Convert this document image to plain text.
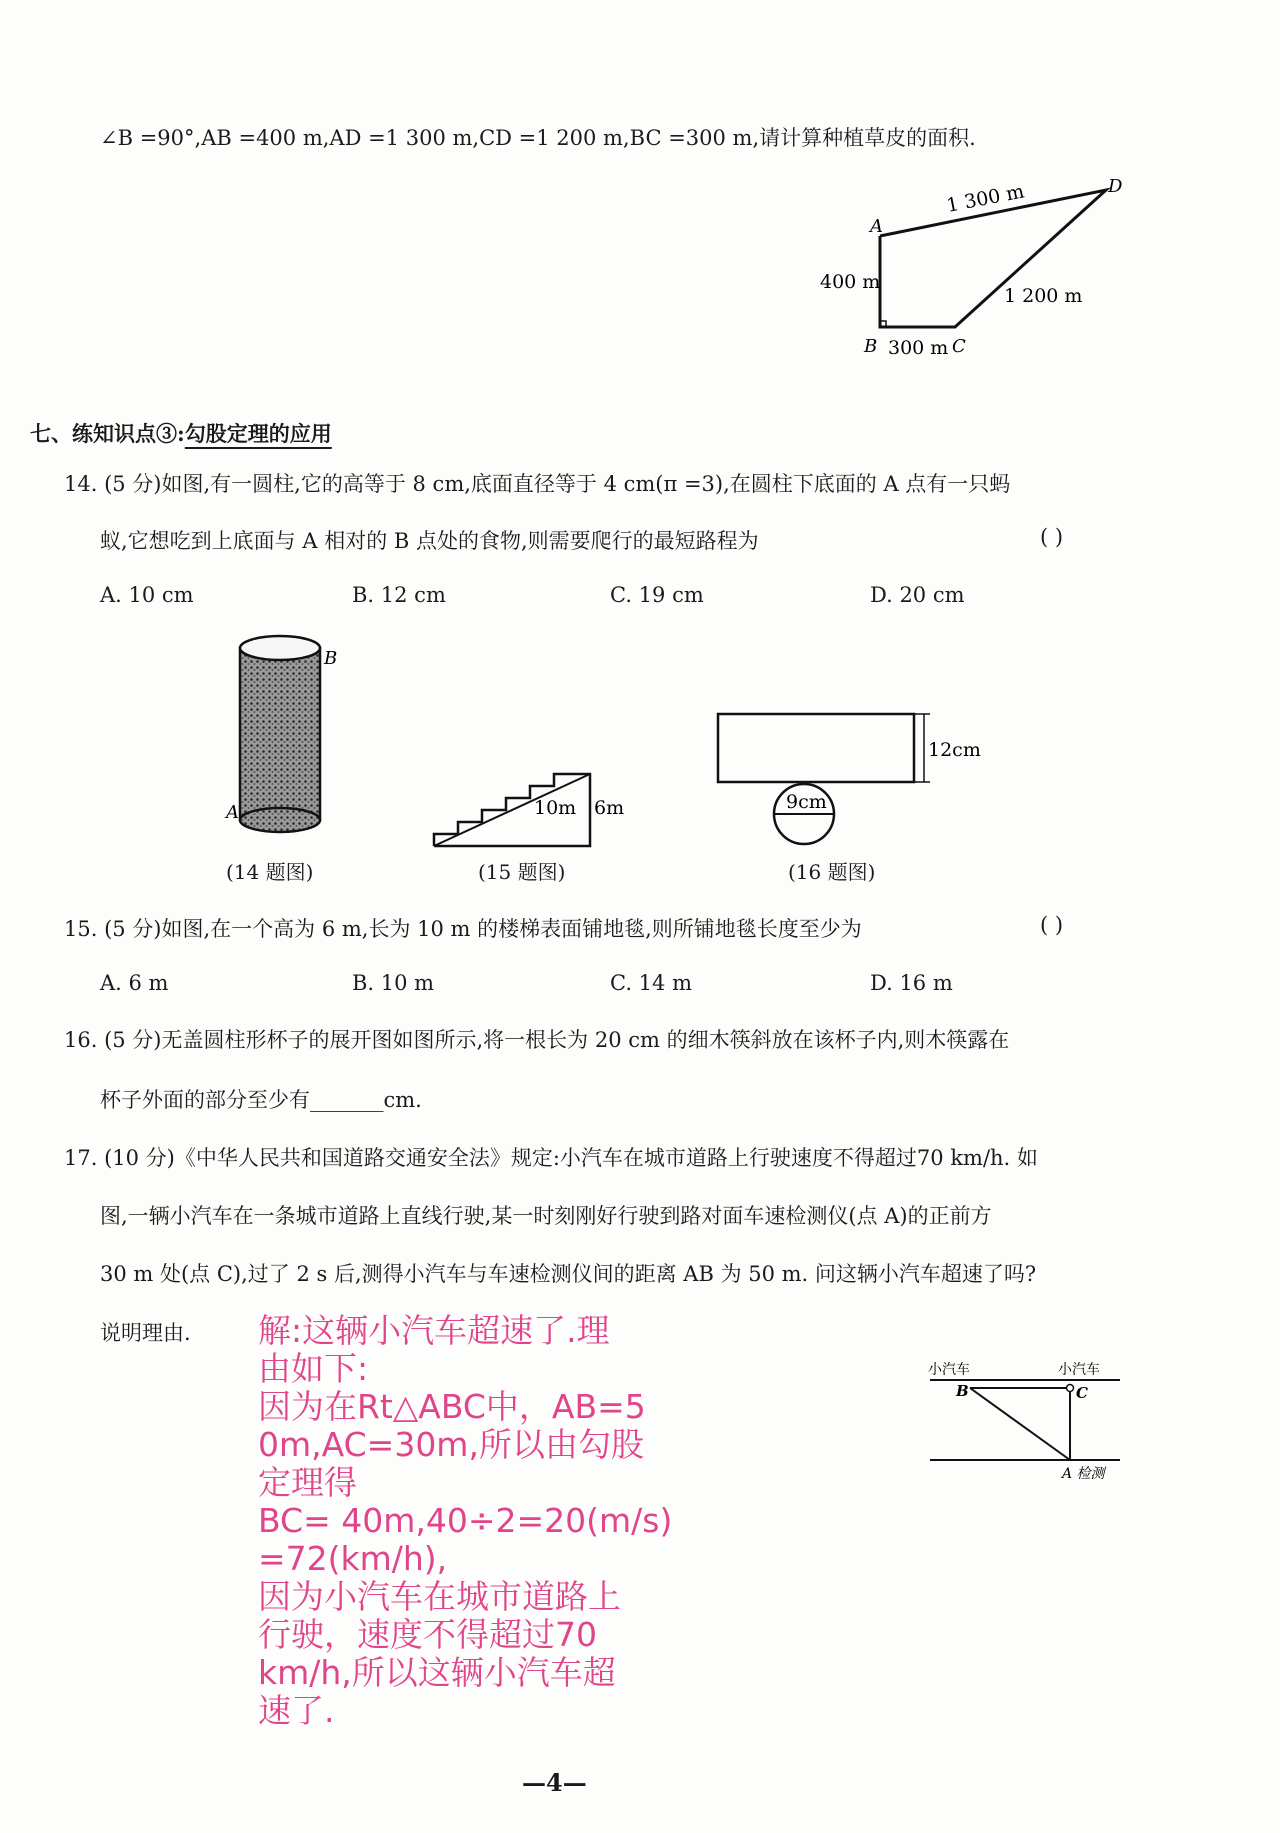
∠B =90°,AB =400 m,AD =1 300 m,CD =1 200 m,BC =300 m,请计算种植草皮的面积.
A
B	C
D
1 300 m
400 m
1 200 m
300 m
七、练知识点③:勾股定理的应用
14. (5 分)如图,有一圆柱,它的高等于 8 cm,底面直径等于 4 cm(π =3),在圆柱下底面的 A 点有一只蚂
蚁,它想吃到上底面与 A 相对的 B 点处的食物,则需要爬行的最短路程为	( )
A. 10 cm	B. 12 cm	C. 19 cm	D. 20 cm
B
A
(14 题图)
10m 6m
(15 题图)
12cm
9cm
(16 题图)
15. (5 分)如图,在一个高为 6 m,长为 10 m 的楼梯表面铺地毯,则所铺地毯长度至少为	( )
A. 6 m	B. 10 m	C. 14 m	D. 16 m
16. (5 分)无盖圆柱形杯子的展开图如图所示,将一根长为 20 cm 的细木筷斜放在该杯子内,则木筷露在
杯子外面的部分至少有_______cm.
17. (10 分)《中华人民共和国道路交通安全法》规定:小汽车在城市道路上行驶速度不得超过70 km/h. 如
图,一辆小汽车在一条城市道路上直线行驶,某一时刻刚好行驶到路对面车速检测仪(点 A)的正前方
30 m 处(点 C),过了 2 s 后,测得小汽车与车速检测仪间的距离 AB 为 50 m. 问这辆小汽车超速了吗?
说明理由.
小汽车	小汽车
B	C
A 检测
解:这辆小汽车超速了.理
由如下:
因为在Rt△ABC中，AB=5
0m,AC=30m,所以由勾股
定理得
BC= 40m,40÷2=20(m/s)
=72(km/h),
因为小汽车在城市道路上
行驶，速度不得超过70
km/h,所以这辆小汽车超
速了.
—4—
